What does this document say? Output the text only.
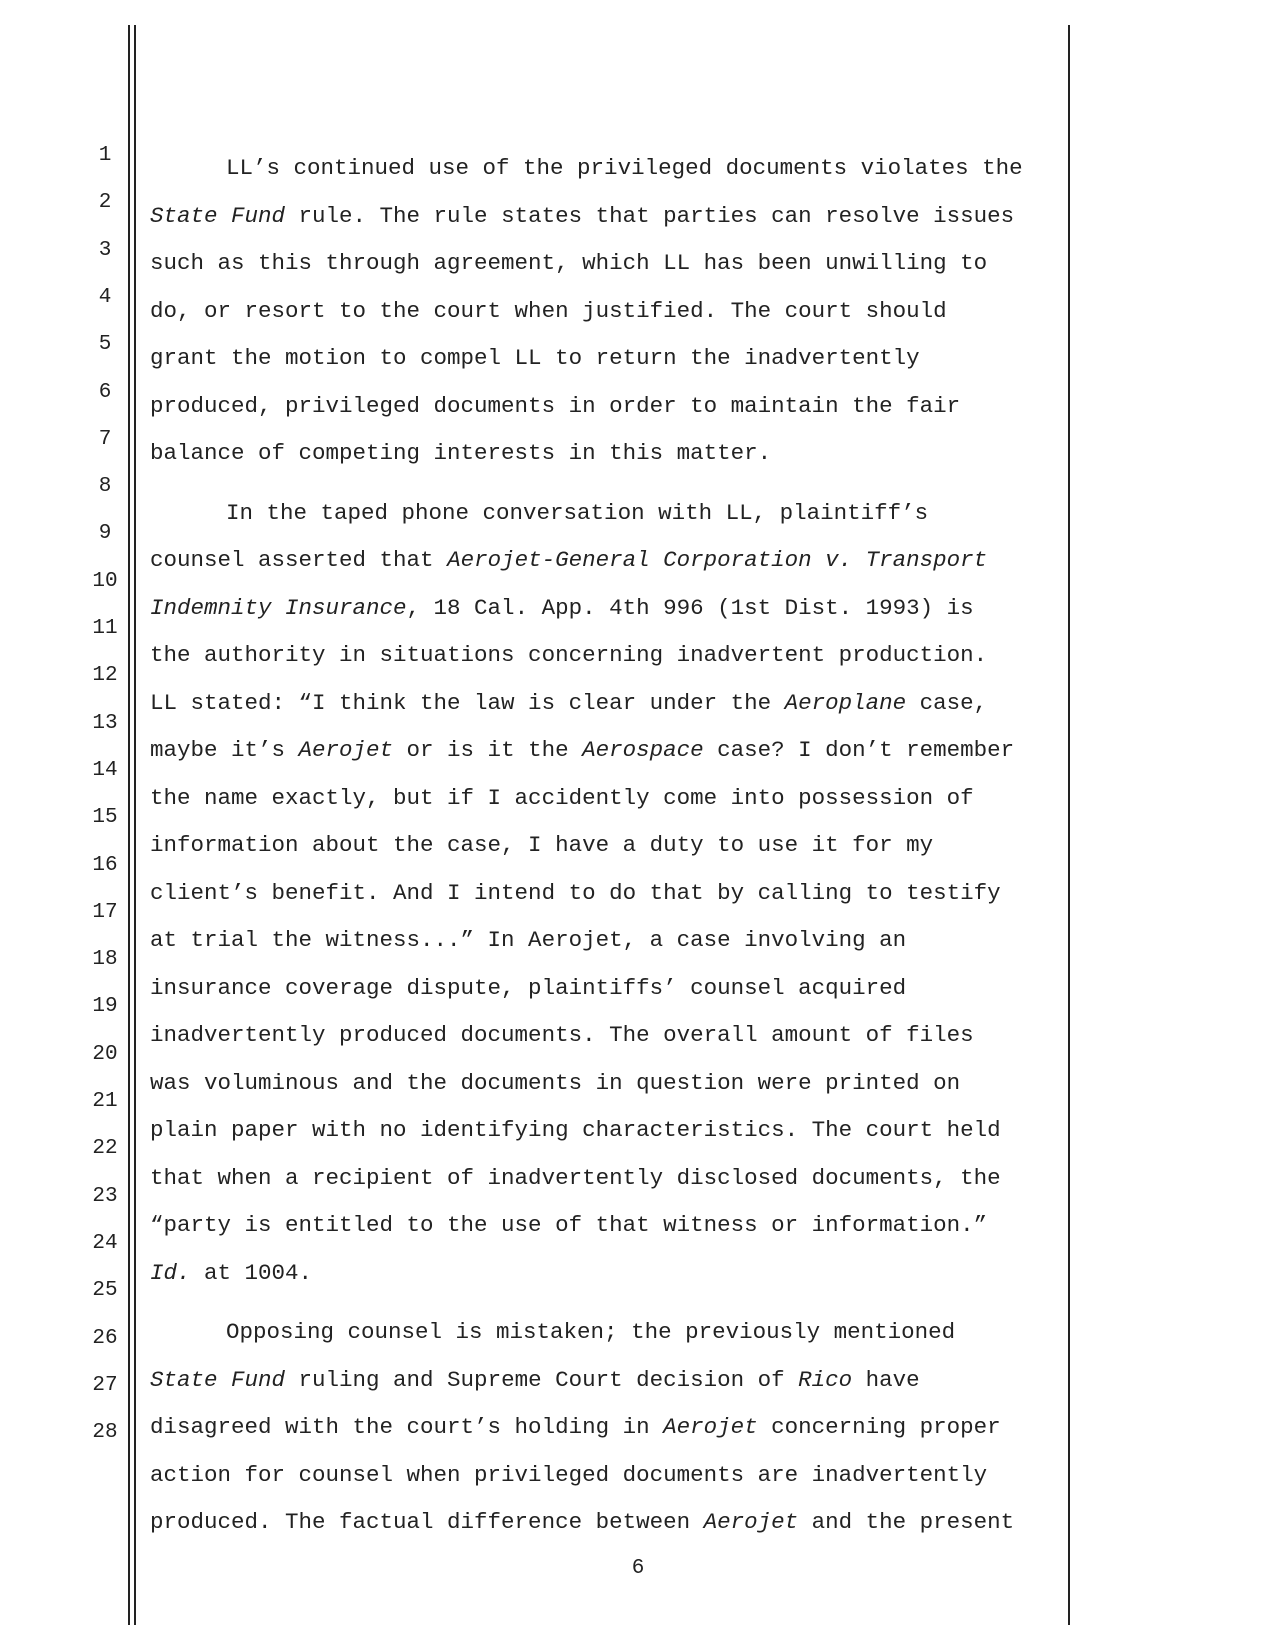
1
2
3
4
5
6
7
8
9
10
11
12
13
14
15
16
17
18
19
20
21
22
23
24
25
26
27
28
LL’s continued use of the privileged documents violates the
State Fund rule. The rule states that parties can resolve issues
such as this through agreement, which LL has been unwilling to
do, or resort to the court when justified. The court should
grant the motion to compel LL to return the inadvertently
produced, privileged documents in order to maintain the fair
balance of competing interests in this matter.
In the taped phone conversation with LL, plaintiff’s
counsel asserted that Aerojet-General Corporation v. Transport
Indemnity Insurance, 18 Cal. App. 4th 996 (1st Dist. 1993) is
the authority in situations concerning inadvertent production.
LL stated: “I think the law is clear under the Aeroplane case,
maybe it’s Aerojet or is it the Aerospace case? I don’t remember
the name exactly, but if I accidently come into possession of
information about the case, I have a duty to use it for my
client’s benefit. And I intend to do that by calling to testify
at trial the witness...” In Aerojet, a case involving an
insurance coverage dispute, plaintiffs’ counsel acquired
inadvertently produced documents. The overall amount of files
was voluminous and the documents in question were printed on
plain paper with no identifying characteristics. The court held
that when a recipient of inadvertently disclosed documents, the
“party is entitled to the use of that witness or information.”
Id. at 1004.
Opposing counsel is mistaken; the previously mentioned
State Fund ruling and Supreme Court decision of Rico have
disagreed with the court’s holding in Aerojet concerning proper
action for counsel when privileged documents are inadvertently
produced. The factual difference between Aerojet and the present
6
